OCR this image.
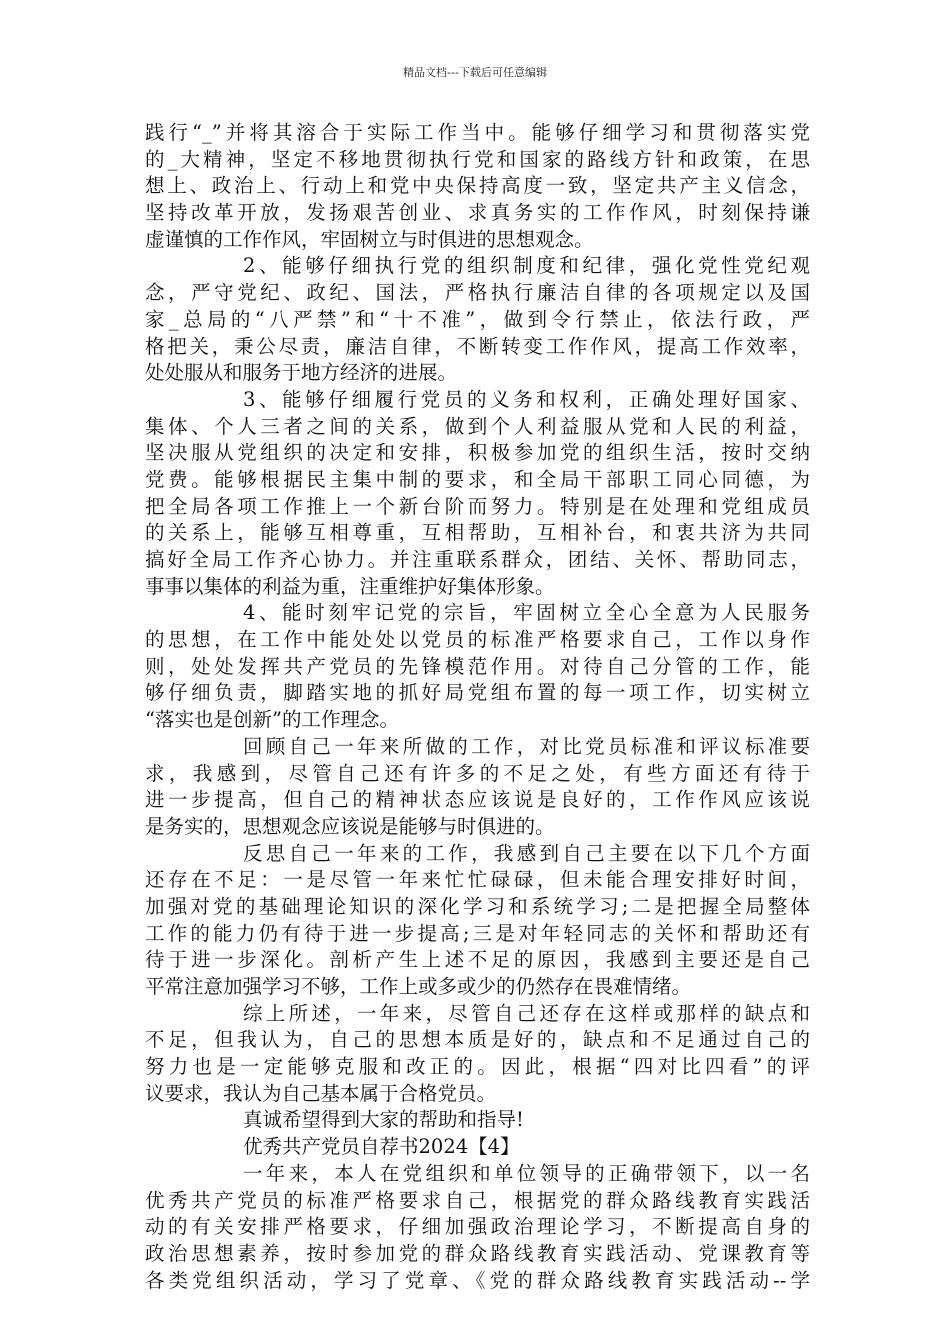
精品文档---下载后可任意编辑
践行“_”并将其溶合于实际工作当中。能够仔细学习和贯彻落实党
的_大精神，坚定不移地贯彻执行党和国家的路线方针和政策，在思
想上、政治上、行动上和党中央保持高度一致，坚定共产主义信念，
坚持改革开放，发扬艰苦创业、求真务实的工作作风，时刻保持谦
虚谨慎的工作作风，牢固树立与时俱进的思想观念。
2、能够仔细执行党的组织制度和纪律，强化党性党纪观
念，严守党纪、政纪、国法，严格执行廉洁自律的各项规定以及国
家_总局的“八严禁”和“十不准”，做到令行禁止，依法行政，严
格把关，秉公尽责，廉洁自律，不断转变工作作风，提高工作效率，
处处服从和服务于地方经济的进展。
3、能够仔细履行党员的义务和权利，正确处理好国家、
集体、个人三者之间的关系，做到个人利益服从党和人民的利益，
坚决服从党组织的决定和安排，积极参加党的组织生活，按时交纳
党费。能够根据民主集中制的要求，和全局干部职工同心同德，为
把全局各项工作推上一个新台阶而努力。特别是在处理和党组成员
的关系上，能够互相尊重，互相帮助，互相补台，和衷共济为共同
搞好全局工作齐心协力。并注重联系群众，团结、关怀、帮助同志，
事事以集体的利益为重，注重维护好集体形象。
4、能时刻牢记党的宗旨，牢固树立全心全意为人民服务
的思想，在工作中能处处以党员的标准严格要求自己，工作以身作
则，处处发挥共产党员的先锋模范作用。对待自己分管的工作，能
够仔细负责，脚踏实地的抓好局党组布置的每一项工作，切实树立
“落实也是创新”的工作理念。
回顾自己一年来所做的工作，对比党员标准和评议标准要
求，我感到，尽管自己还有许多的不足之处，有些方面还有待于
进一步提高，但自己的精神状态应该说是良好的，工作作风应该说
是务实的，思想观念应该说是能够与时俱进的。
反思自己一年来的工作，我感到自己主要在以下几个方面
还存在不足：一是尽管一年来忙忙碌碌，但未能合理安排好时间，
加强对党的基础理论知识的深化学习和系统学习;二是把握全局整体
工作的能力仍有待于进一步提高;三是对年轻同志的关怀和帮助还有
待于进一步深化。剖析产生上述不足的原因，我感到主要还是自己
平常注意加强学习不够，工作上或多或少的仍然存在畏难情绪。
综上所述，一年来，尽管自己还存在这样或那样的缺点和
不足，但我认为，自己的思想本质是好的，缺点和不足通过自己的
努力也是一定能够克服和改正的。因此，根据“四对比四看”的评
议要求，我认为自己基本属于合格党员。
真诚希望得到大家的帮助和指导!
优秀共产党员自荐书2024【4】
一年来，本人在党组织和单位领导的正确带领下，以一名
优秀共产党员的标准严格要求自己，根据党的群众路线教育实践活
动的有关安排严格要求，仔细加强政治理论学习，不断提高自身的
政治思想素养，按时参加党的群众路线教育实践活动、党课教育等
各类党组织活动，学习了党章、《党的群众路线教育实践活动--学
